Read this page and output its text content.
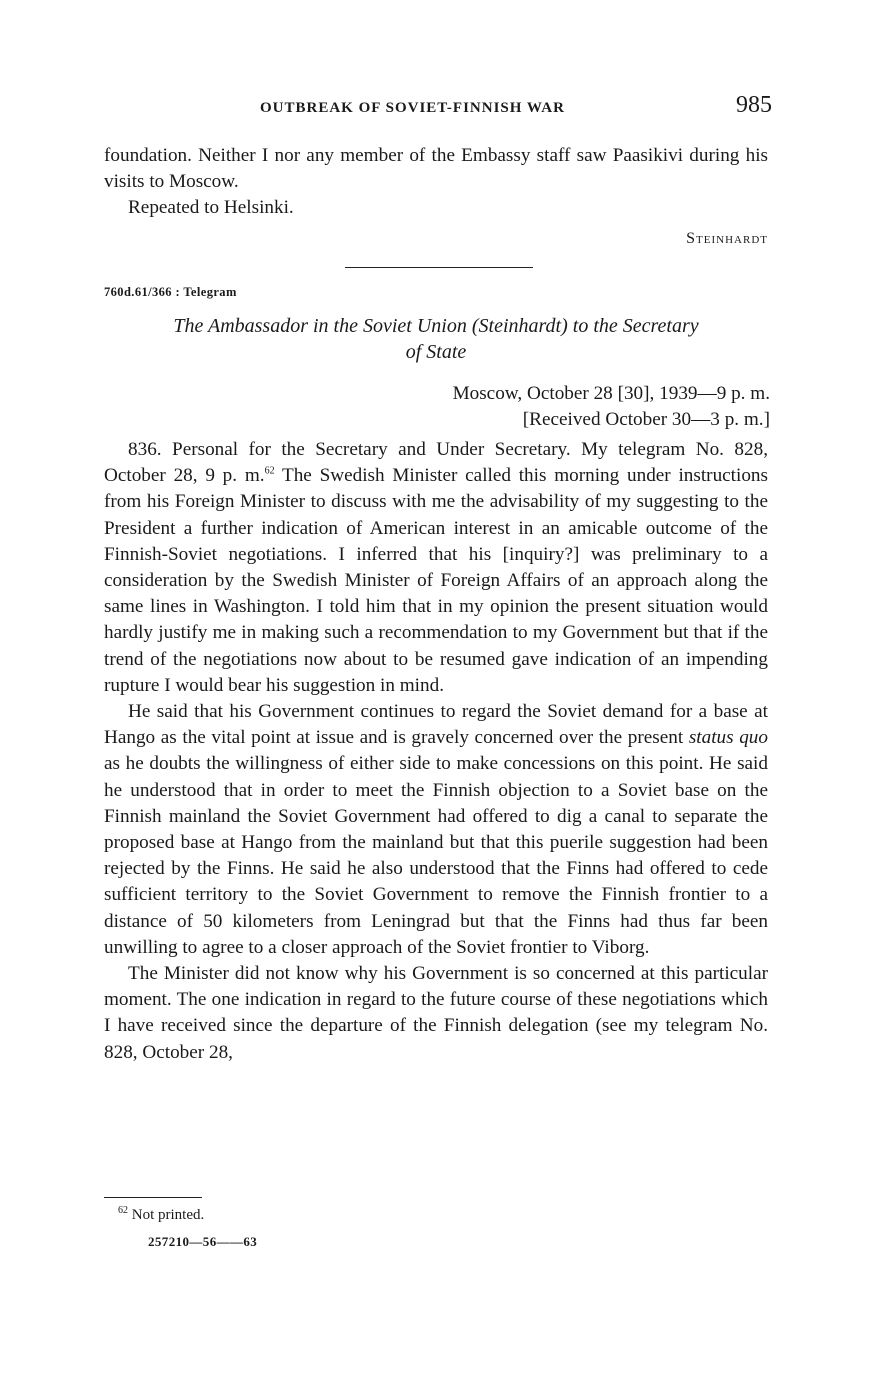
OUTBREAK OF SOVIET-FINNISH WAR	985

foundation. Neither I nor any member of the Embassy staff saw Paasikivi during his visits to Moscow.

Repeated to Helsinki.

Steinhardt

760d.61/366 : Telegram
The Ambassador in the Soviet Union (Steinhardt) to the Secretary
of State
Moscow, October 28 [30], 1939—9 p. m.
[Received October 30—3 p. m.]

836. Personal for the Secretary and Under Secretary. My telegram No. 828, October 28, 9 p. m.$^{62}$ The Swedish Minister called this morning under instructions from his Foreign Minister to discuss with me the advisability of my suggesting to the President a further indication of American interest in an amicable outcome of the Finnish-Soviet negotiations. I inferred that his [inquiry?] was preliminary to a consideration by the Swedish Minister of Foreign Affairs of an approach along the same lines in Washington. I told him that in my opinion the present situation would hardly justify me in making such a recommendation to my Government but that if the trend of the negotiations now about to be resumed gave indication of an impending rupture I would bear his suggestion in mind.

He said that his Government continues to regard the Soviet demand for a base at Hango as the vital point at issue and is gravely concerned over the present status quo as he doubts the willingness of either side to make concessions on this point. He said he understood that in order to meet the Finnish objection to a Soviet base on the Finnish mainland the Soviet Government had offered to dig a canal to separate the proposed base at Hango from the mainland but that this puerile suggestion had been rejected by the Finns. He said he also understood that the Finns had offered to cede sufficient territory to the Soviet Government to remove the Finnish frontier to a distance of 50 kilometers from Leningrad but that the Finns had thus far been unwilling to agree to a closer approach of the Soviet frontier to Viborg.

The Minister did not know why his Government is so concerned at this particular moment. The one indication in regard to the future course of these negotiations which I have received since the departure of the Finnish delegation (see my telegram No. 828, October 28,

$^{62}$ Not printed.
257210—56——63
